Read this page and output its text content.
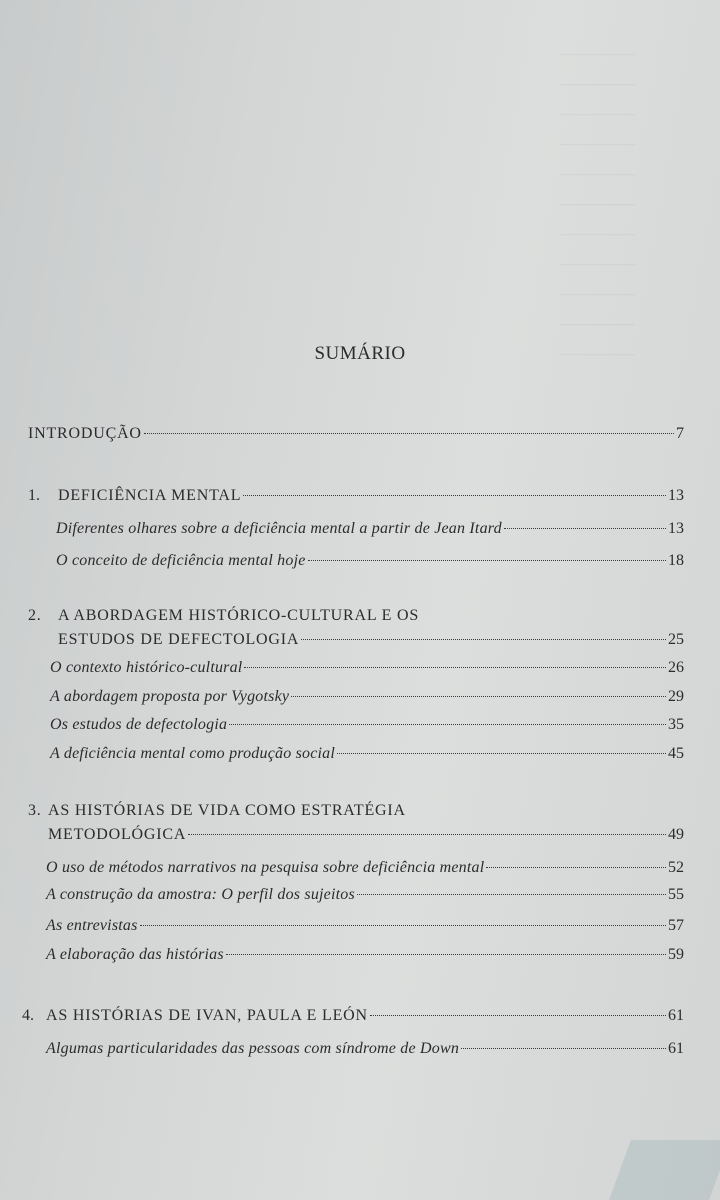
——————
——————
——————
——————
——————
——————
——————
——————
——————
——————
——————
SUMÁRIO
INTRODUÇÃO	7
1.	DEFICIÊNCIA MENTAL	13
Diferentes olhares sobre a deficiência mental a partir de Jean Itard	13
O conceito de deficiência mental hoje	18
2. A ABORDAGEM HISTÓRICO-CULTURAL E OS
ESTUDOS DE DEFECTOLOGIA	25
O contexto histórico-cultural	26
A abordagem proposta por Vygotsky	29
Os estudos de defectologia	35
A deficiência mental como produção social	45
3. AS HISTÓRIAS DE VIDA COMO ESTRATÉGIA
METODOLÓGICA	49
O uso de métodos narrativos na pesquisa sobre deficiência mental	52
A construção da amostra: O perfil dos sujeitos	55
As entrevistas	57
A elaboração das histórias	59
4. AS HISTÓRIAS DE IVAN, PAULA E LEÓN	61
Algumas particularidades das pessoas com síndrome de Down	61
